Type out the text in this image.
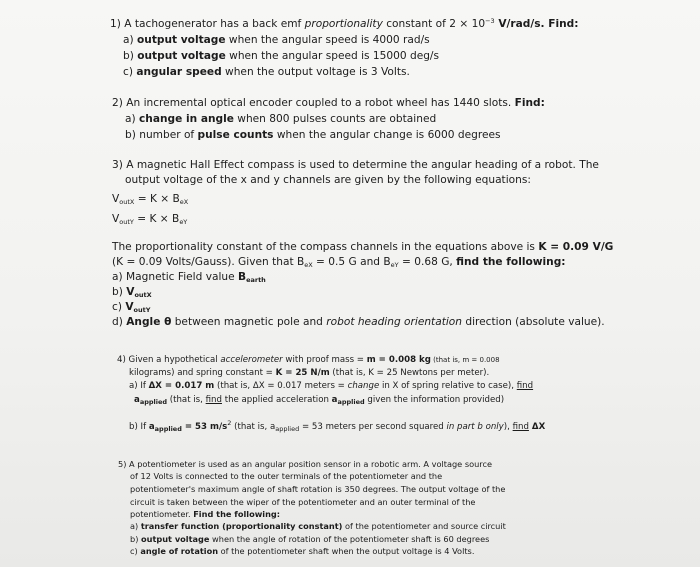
1) A tachogenerator has a back emf proportionality constant of $2 \times 10^{-3}$ V/rad/s. Find:
a) output voltage when the angular speed is 4000 rad/s
b) output voltage when the angular speed is 15000 deg/s
c) angular speed when the output voltage is 3 Volts.
2) An incremental optical encoder coupled to a robot wheel has 1440 slots. Find:
a) change in angle when 800 pulses counts are obtained
b) number of pulse counts when the angular change is 6000 degrees
3) A magnetic Hall Effect compass is used to determine the angular heading of a robot. The
output voltage of the x and y channels are given by the following equations:
$V_{outX} = K \times B_{eX}$
$V_{outY} = K \times B_{eY}$
The proportionality constant of the compass channels in the equations above is K = 0.09 V/G
(K = 0.09 Volts/Gauss). Given that $B_{eX} = 0.5$ G and $B_{eY} = 0.68$ G, find the following:
a) Magnetic Field value $B_{earth}$
b) $V_{outX}$
c) $V_{outY}$
d) Angle θ between magnetic pole and robot heading orientation direction (absolute value).
4) Given a hypothetical accelerometer with proof mass = m = 0.008 kg (that is, m = 0.008
kilograms) and spring constant = K = 25 N/m (that is, K = 25 Newtons per meter).
a) If ΔX = 0.017 m (that is, ΔX = 0.017 meters = change in X of spring relative to case), find
$a_{applied}$ (that is, find the applied acceleration $a_{applied}$ given the information provided)
b) If $a_{applied} = 53$ $m/s^2$ (that is, $a_{applied} = 53$ meters per second squared in part b only), find ΔX
5) A potentiometer is used as an angular position sensor in a robotic arm. A voltage source
of 12 Volts is connected to the outer terminals of the potentiometer and the
potentiometer's maximum angle of shaft rotation is 350 degrees. The output voltage of the
circuit is taken between the wiper of the potentiometer and an outer terminal of the
potentiometer. Find the following:
a) transfer function (proportionality constant) of the potentiometer and source circuit
b) output voltage when the angle of rotation of the potentiometer shaft is 60 degrees
c) angle of rotation of the potentiometer shaft when the output voltage is 4 Volts.
